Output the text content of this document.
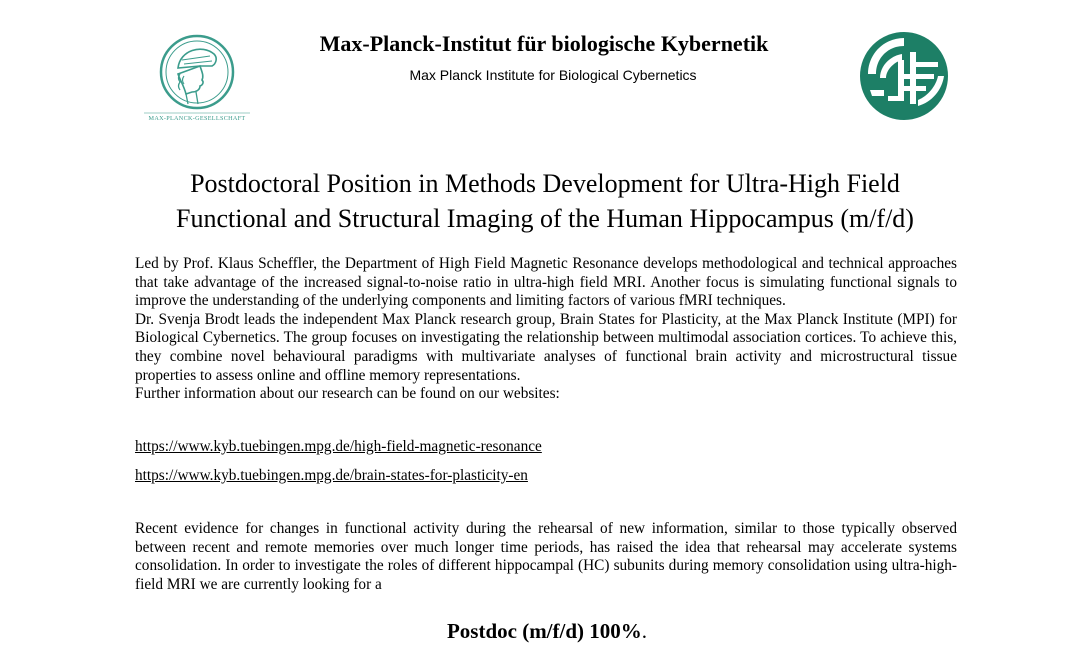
MAX-PLANCK-GESELLSCHAFT
Max-Planck-Institut für biologische Kybernetik
Max Planck Institute for Biological Cybernetics
Postdoctoral Position in Methods Development for Ultra-High Field
Functional and Structural Imaging of the Human Hippocampus (m/f/d)

Led by Prof. Klaus Scheffler, the Department of High Field Magnetic Resonance develops methodological and technical approaches that take advantage of the increased signal-to-noise ratio in ultra-high field MRI. Another focus is simulating functional signals to improve the understanding of the underlying components and limiting factors of various fMRI techniques.

Dr. Svenja Brodt leads the independent Max Planck research group, Brain States for Plasticity, at the Max Planck Institute (MPI) for Biological Cybernetics. The group focuses on investigating the relationship between multimodal association cortices. To achieve this, they combine novel behavioural paradigms with multivariate analyses of functional brain activity and microstructural tissue properties to assess online and offline memory representations.

Further information about our research can be found on our websites:

https://www.kyb.tuebingen.mpg.de/high-field-magnetic-resonance
https://www.kyb.tuebingen.mpg.de/brain-states-for-plasticity-en

Recent evidence for changes in functional activity during the rehearsal of new information, similar to those typically observed between recent and remote memories over much longer time periods, has raised the idea that rehearsal may accelerate systems consolidation. In order to investigate the roles of different hippocampal (HC) subunits during memory consolidation using ultra-high-field MRI we are currently looking for a

Postdoc (m/f/d) 100%.
